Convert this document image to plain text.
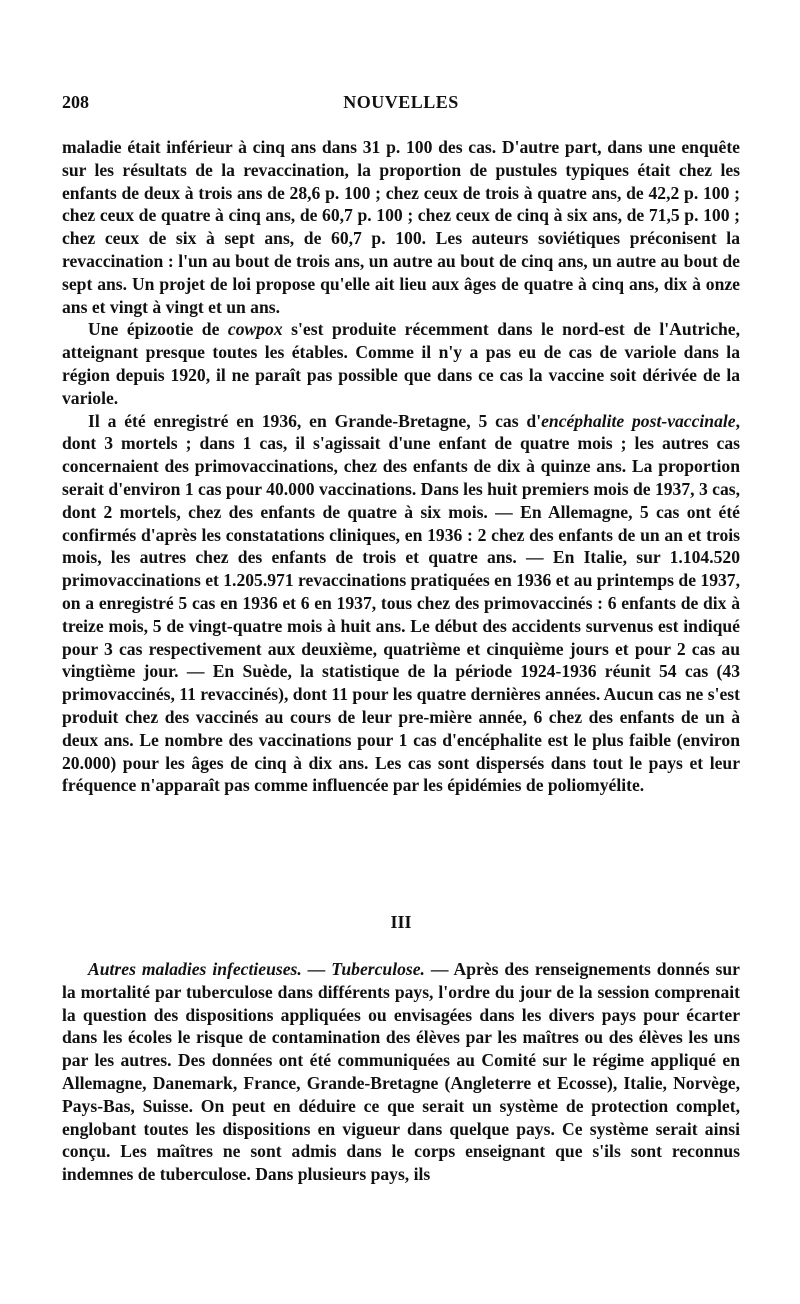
208	NOUVELLES

maladie était inférieur à cinq ans dans 31 p. 100 des cas. D'autre part, dans une enquête sur les résultats de la revaccination, la proportion de pustules typiques était chez les enfants de deux à trois ans de 28,6 p. 100 ; chez ceux de trois à quatre ans, de 42,2 p. 100 ; chez ceux de quatre à cinq ans, de 60,7 p. 100 ; chez ceux de cinq à six ans, de 71,5 p. 100 ; chez ceux de six à sept ans, de 60,7 p. 100. Les auteurs soviétiques préconisent la revaccination : l'un au bout de trois ans, un autre au bout de cinq ans, un autre au bout de sept ans. Un projet de loi propose qu'elle ait lieu aux âges de quatre à cinq ans, dix à onze ans et vingt à vingt et un ans.

Une épizootie de cowpox s'est produite récemment dans le nord-est de l'Autriche, atteignant presque toutes les étables. Comme il n'y a pas eu de cas de variole dans la région depuis 1920, il ne paraît pas possible que dans ce cas la vaccine soit dérivée de la variole.

Il a été enregistré en 1936, en Grande-Bretagne, 5 cas d'encéphalite post-vaccinale, dont 3 mortels ; dans 1 cas, il s'agissait d'une enfant de quatre mois ; les autres cas concernaient des primovaccinations, chez des enfants de dix à quinze ans. La proportion serait d'environ 1 cas pour 40.000 vaccinations. Dans les huit premiers mois de 1937, 3 cas, dont 2 mortels, chez des enfants de quatre à six mois. — En Allemagne, 5 cas ont été confirmés d'après les constatations cliniques, en 1936 : 2 chez des enfants de un an et trois mois, les autres chez des enfants de trois et quatre ans. — En Italie, sur 1.104.520 primovaccinations et 1.205.971 revaccinations pratiquées en 1936 et au printemps de 1937, on a enregistré 5 cas en 1936 et 6 en 1937, tous chez des primovaccinés : 6 enfants de dix à treize mois, 5 de vingt-quatre mois à huit ans. Le début des accidents survenus est indiqué pour 3 cas respectivement aux deuxième, quatrième et cinquième jours et pour 2 cas au vingtième jour. — En Suède, la statistique de la période 1924-1936 réunit 54 cas (43 primovaccinés, 11 revaccinés), dont 11 pour les quatre dernières années. Aucun cas ne s'est produit chez des vaccinés au cours de leur pre-mière année, 6 chez des enfants de un à deux ans. Le nombre des vaccinations pour 1 cas d'encéphalite est le plus faible (environ 20.000) pour les âges de cinq à dix ans. Les cas sont dispersés dans tout le pays et leur fréquence n'apparaît pas comme influencée par les épidémies de poliomyélite.

III

Autres maladies infectieuses. — Tuberculose. — Après des renseignements donnés sur la mortalité par tuberculose dans différents pays, l'ordre du jour de la session comprenait la question des dispositions appliquées ou envisagées dans les divers pays pour écarter dans les écoles le risque de contamination des élèves par les maîtres ou des élèves les uns par les autres. Des données ont été communiquées au Comité sur le régime appliqué en Allemagne, Danemark, France, Grande-Bretagne (Angleterre et Ecosse), Italie, Norvège, Pays-Bas, Suisse. On peut en déduire ce que serait un système de protection complet, englobant toutes les dispositions en vigueur dans quelque pays. Ce système serait ainsi conçu. Les maîtres ne sont admis dans le corps enseignant que s'ils sont reconnus indemnes de tuberculose. Dans plusieurs pays, ils
